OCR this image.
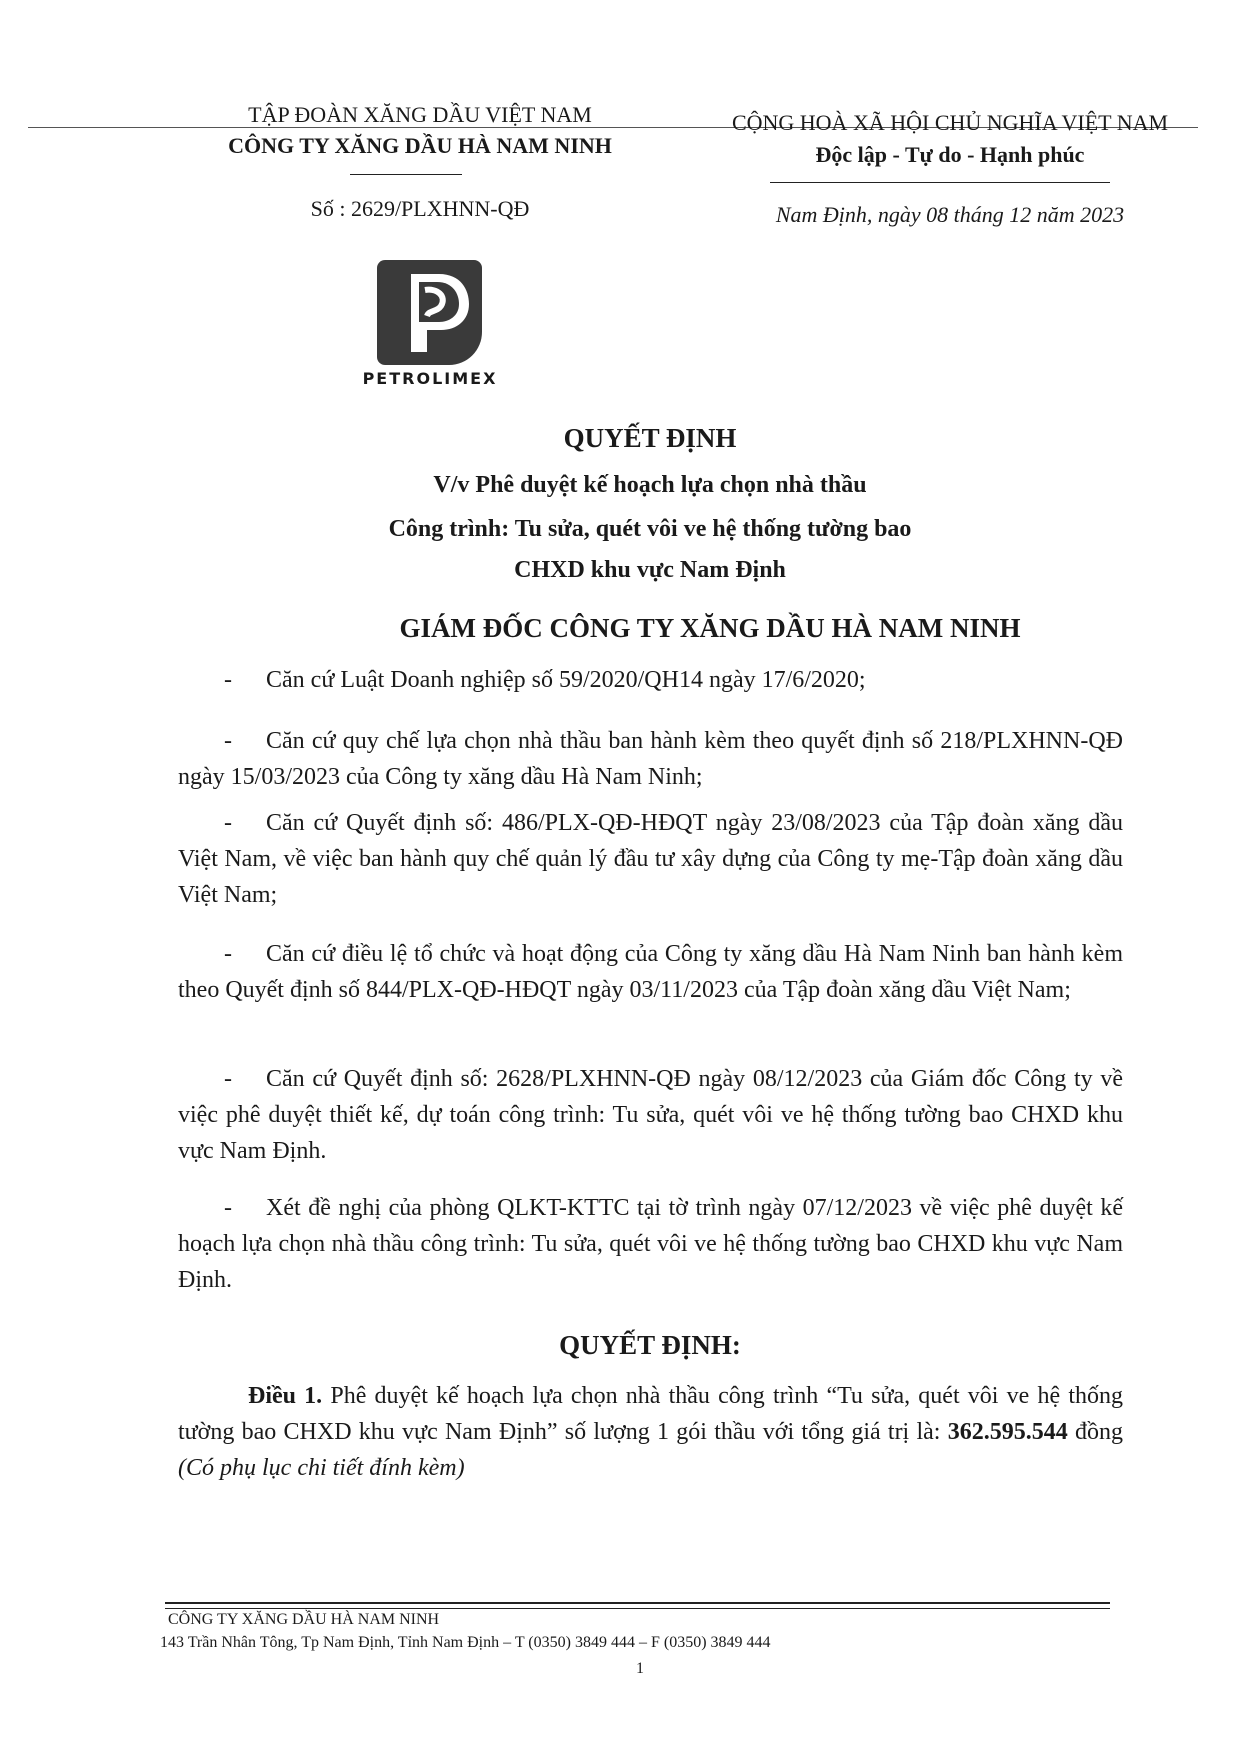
TẬP ĐOÀN XĂNG DẦU VIỆT NAM
CÔNG TY XĂNG DẦU HÀ NAM NINH
Số : 2629/PLXHNN-QĐ
CỘNG HOÀ XÃ HỘI CHỦ NGHĨA VIỆT NAM
Độc lập - Tự do - Hạnh phúc
Nam Định, ngày 08 tháng 12 năm 2023
PETROLIMEX
QUYẾT ĐỊNH
V/v Phê duyệt kế hoạch lựa chọn nhà thầu
Công trình: Tu sửa, quét vôi ve hệ thống tường bao
CHXD khu vực Nam Định
GIÁM ĐỐC CÔNG TY XĂNG DẦU HÀ NAM NINH
- Căn cứ Luật Doanh nghiệp số 59/2020/QH14 ngày 17/6/2020;
- Căn cứ quy chế lựa chọn nhà thầu ban hành kèm theo quyết định số 218/PLXHNN-QĐ ngày 15/03/2023 của Công ty xăng dầu Hà Nam Ninh;
- Căn cứ Quyết định số: 486/PLX-QĐ-HĐQT ngày 23/08/2023 của Tập đoàn xăng dầu Việt Nam, về việc ban hành quy chế quản lý đầu tư xây dựng của Công ty mẹ-Tập đoàn xăng dầu Việt Nam;
- Căn cứ điều lệ tổ chức và hoạt động của Công ty xăng dầu Hà Nam Ninh ban hành kèm theo Quyết định số 844/PLX-QĐ-HĐQT ngày 03/11/2023 của Tập đoàn xăng dầu Việt Nam;
- Căn cứ Quyết định số: 2628/PLXHNN-QĐ ngày 08/12/2023 của Giám đốc Công ty về việc phê duyệt thiết kế, dự toán công trình: Tu sửa, quét vôi ve hệ thống tường bao CHXD khu vực Nam Định.
- Xét đề nghị của phòng QLKT-KTTC tại tờ trình ngày 07/12/2023 về việc phê duyệt kế hoạch lựa chọn nhà thầu công trình: Tu sửa, quét vôi ve hệ thống tường bao CHXD khu vực Nam Định.
QUYẾT ĐỊNH:
Điều 1. Phê duyệt kế hoạch lựa chọn nhà thầu công trình “Tu sửa, quét vôi ve hệ thống tường bao CHXD khu vực Nam Định” số lượng 1 gói thầu với tổng giá trị là: 362.595.544 đồng (Có phụ lục chi tiết đính kèm)
CÔNG TY XĂNG DẦU HÀ NAM NINH
143 Trần Nhân Tông, Tp Nam Định, Tỉnh Nam Định – T (0350) 3849 444 – F (0350) 3849 444
1
